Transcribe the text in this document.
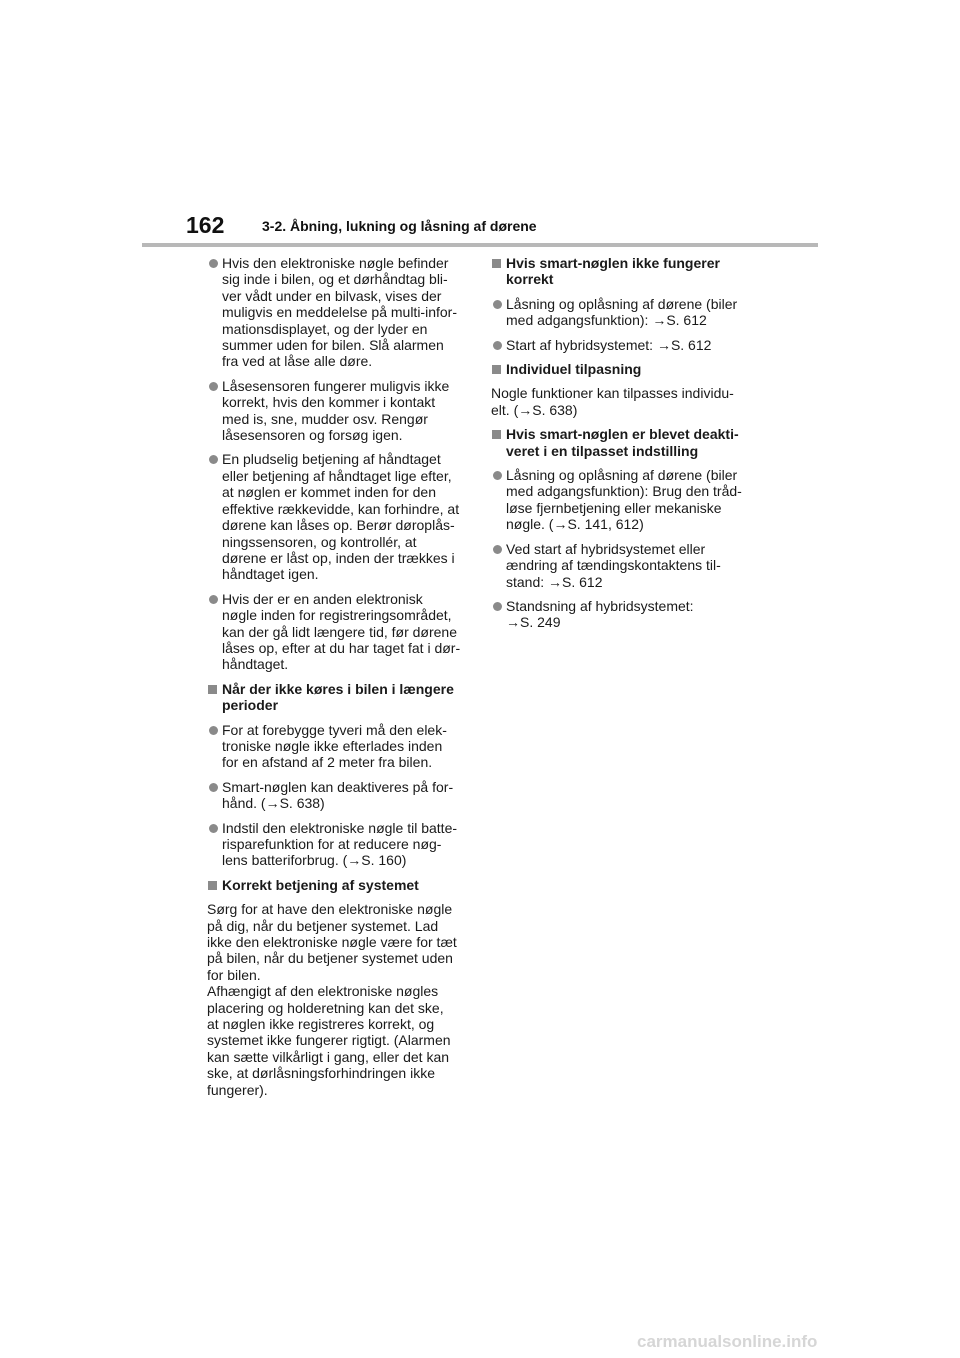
162	3-2. Åbning, lukning og låsning af dørene
Hvis den elektroniske nøgle befinder
sig inde i bilen, og et dørhåndtag bli-
ver vådt under en bilvask, vises der
muligvis en meddelelse på multi-infor-
mationsdisplayet, og der lyder en
summer uden for bilen. Slå alarmen
fra ved at låse alle døre.
Låsesensoren fungerer muligvis ikke
korrekt, hvis den kommer i kontakt
med is, sne, mudder osv. Rengør
låsesensoren og forsøg igen.
En pludselig betjening af håndtaget
eller betjening af håndtaget lige efter,
at nøglen er kommet inden for den
effektive rækkevidde, kan forhindre, at
dørene kan låses op. Berør døroplås-
ningssensoren, og kontrollér, at
dørene er låst op, inden der trækkes i
håndtaget igen.
Hvis der er en anden elektronisk
nøgle inden for registreringsområdet,
kan der gå lidt længere tid, før dørene
låses op, efter at du har taget fat i dør-
håndtaget.
Når der ikke køres i bilen i længere
perioder
For at forebygge tyveri må den elek-
troniske nøgle ikke efterlades inden
for en afstand af 2 meter fra bilen.
Smart-nøglen kan deaktiveres på for-
hånd. (→S. 638)
Indstil den elektroniske nøgle til batte-
risparefunktion for at reducere nøg-
lens batteriforbrug. (→S. 160)
Korrekt betjening af systemet
Sørg for at have den elektroniske nøgle
på dig, når du betjener systemet. Lad
ikke den elektroniske nøgle være for tæt
på bilen, når du betjener systemet uden
for bilen.
Afhængigt af den elektroniske nøgles
placering og holderetning kan det ske,
at nøglen ikke registreres korrekt, og
systemet ikke fungerer rigtigt. (Alarmen
kan sætte vilkårligt i gang, eller det kan
ske, at dørlåsningsforhindringen ikke
fungerer).
Hvis smart-nøglen ikke fungerer
korrekt
Låsning og oplåsning af dørene (biler
med adgangsfunktion): →S. 612
Start af hybridsystemet: →S. 612
Individuel tilpasning
Nogle funktioner kan tilpasses individu-
elt. (→S. 638)
Hvis smart-nøglen er blevet deakti-
veret i en tilpasset indstilling
Låsning og oplåsning af dørene (biler
med adgangsfunktion): Brug den tråd-
løse fjernbetjening eller mekaniske
nøgle. (→S. 141, 612)
Ved start af hybridsystemet eller
ændring af tændingskontaktens til-
stand: →S. 612
Standsning af hybridsystemet:
→S. 249
carmanualsonline.info
